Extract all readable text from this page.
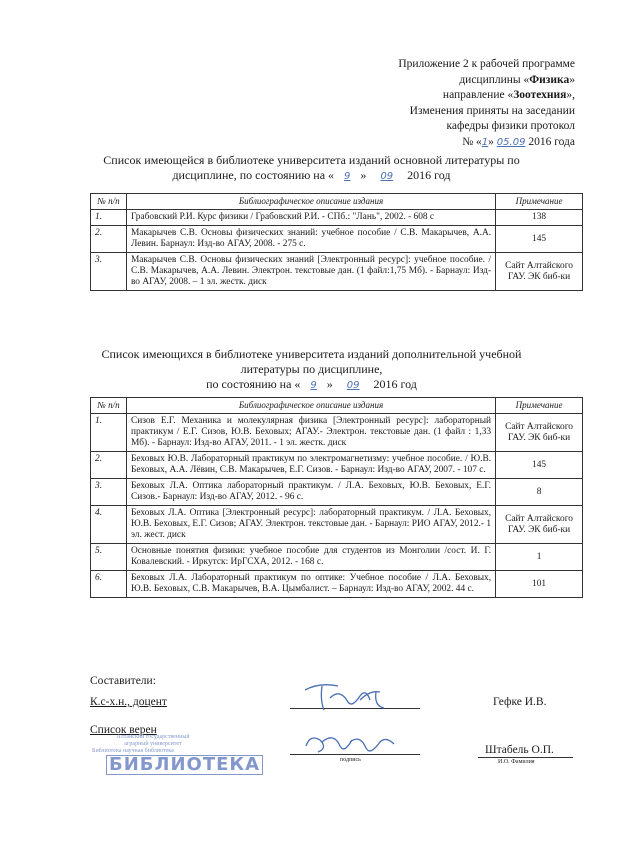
Приложение 2 к рабочей программе
дисциплины «Физика»
направление «Зоотехния»,
Изменения приняты на заседании
кафедры физики протокол
№ «1» 05.09 2016 года
Список имеющейся в библиотеке университета изданий основной литературы по
дисциплине, по состоянию на « 9 » 09 2016 год
№ п/п	Библиографическое описание издания	Примечание
1.	Грабовский Р.И. Курс физики / Грабовский Р.И. - СПб.: "Лань", 2002. - 608 с	138
2.	Макарычев С.В. Основы физических знаний: учебное пособие / С.В. Макарычев, А.А. Левин. Барнаул: Изд-во АГАУ, 2008. - 275 с.	145
3.	Макарычев С.В. Основы физических знаний [Электронный ресурс]: учебное пособие. /С.В. Макарычев, А.А. Левин. Электрон. текстовые дан. (1 файл:1,75 Мб). - Барнаул: Изд-во АГАУ, 2008. – 1 эл. жестк. диск	Сайт Алтайского ГАУ. ЭК биб-ки
Список имеющихся в библиотеке университета изданий дополнительной учебной
литературы по дисциплине,
по состоянию на « 9 » 09 2016 год
№ п/п	Библиографическое описание издания	Примечание
1.	Сизов Е.Г. Механика и молекулярная физика [Электронный ресурс]: лабораторный практикум / Е.Г. Сизов, Ю.В. Беховых; АГАУ.- Электрон. текстовые дан. (1 файл : 1,33 Мб). - Барнаул: Изд-во АГАУ, 2011. - 1 эл. жестк. диск	Сайт Алтайского ГАУ. ЭК биб-ки
2.	Беховых Ю.В. Лабораторный практикум по электромагнетизму: учебное пособие. / Ю.В. Беховых, А.А. Лёвин, С.В. Макарычев, Е.Г. Сизов. - Барнаул: Изд-во АГАУ, 2007. - 107 с.	145
3.	Беховых Л.А. Оптика лабораторный практикум. / Л.А. Беховых, Ю.В. Беховых, Е.Г. Сизов.- Барнаул: Изд-во АГАУ, 2012. - 96 с.	8
4.	Беховых Л.А. Оптика [Электронный ресурс]: лабораторный практикум. / Л.А. Беховых, Ю.В. Беховых, Е.Г. Сизов; АГАУ. Электрон. текстовые дан. - Барнаул: РИО АГАУ, 2012.- 1 эл. жест. диск	Сайт Алтайского ГАУ. ЭК биб-ки
5.	Основные понятия физики: учебное пособие для студентов из Монголии /сост. И. Г. Ковалевский. - Иркутск: ИрГСХА, 2012. - 168 с.	1
6.	Беховых Л.А. Лабораторный практикум по оптике: Учебное пособие / Л.А. Беховых, Ю.В. Беховых, С.В. Макарычев, В.А. Цымбалист. – Барнаул: Изд-во АГАУ, 2002. 44 с.	101
Составители:
К.с-х.н., доцент	Гефке И.В.
Список верен
Алтайский государственный
аграрный университет
Библиотека научная библиотека
БИБЛИОТЕКА	подпись
Штабель О.П.
И.О. Фамилия
